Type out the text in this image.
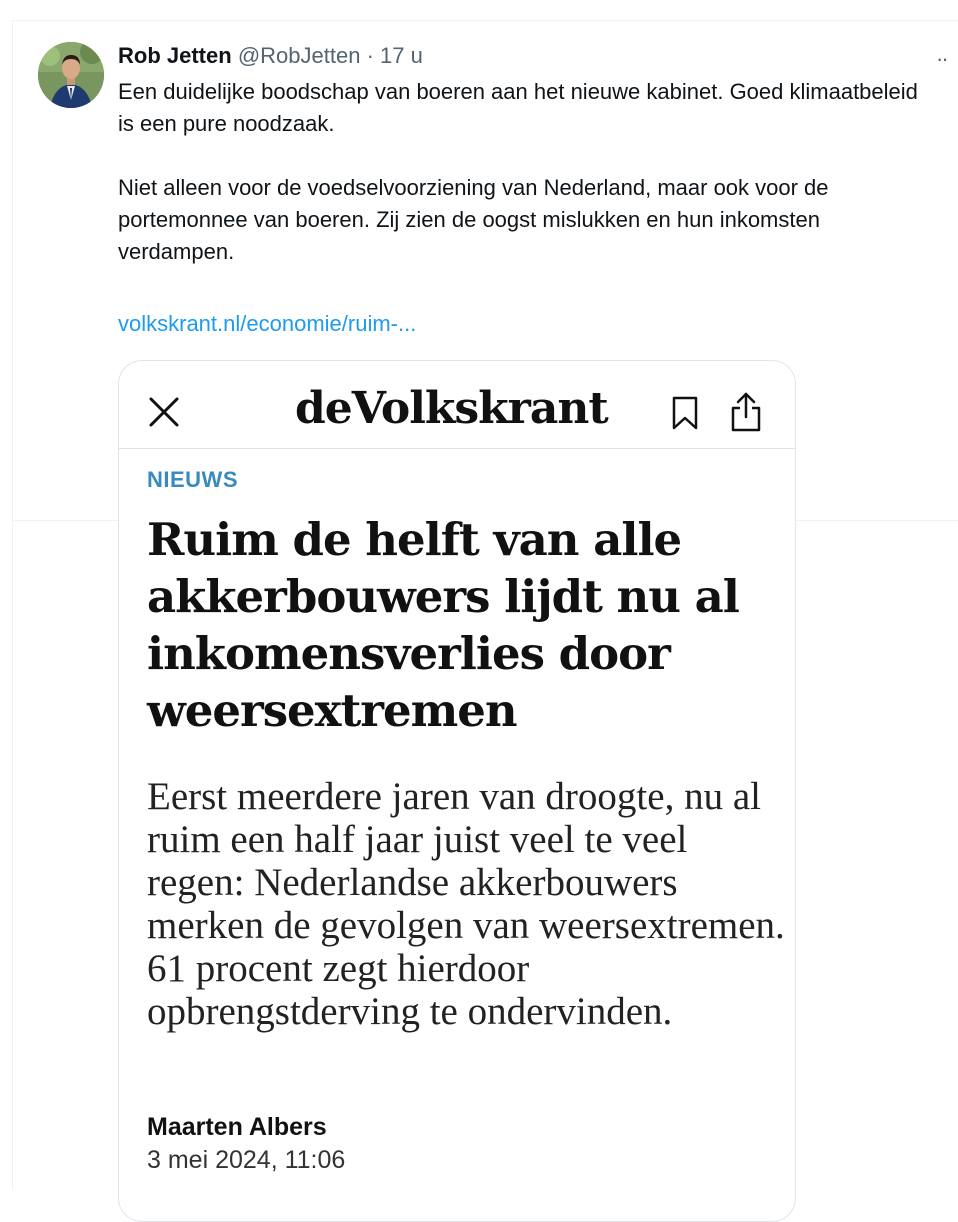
Rob Jetten @RobJetten · 17 u	··

Een duidelijke boodschap van boeren aan het nieuwe kabinet. Goed klimaatbeleid is een pure noodzaak.

Niet alleen voor de voedselvoorziening van Nederland, maar ook voor de portemonnee van boeren. Zij zien de oogst mislukken en hun inkomsten verdampen.

volkskrant.nl/economie/ruim-...
deVolkskrant
NIEUWS
Ruim de helft van alle akkerbouwers lijdt nu al inkomensverlies door weersextremen

Eerst meerdere jaren van droogte, nu al ruim een half jaar juist veel te veel regen: Nederlandse akkerbouwers merken de gevolgen van weersextremen. 61 procent zegt hierdoor opbrengstderving te ondervinden.

Maarten Albers
3 mei 2024, 11:06
